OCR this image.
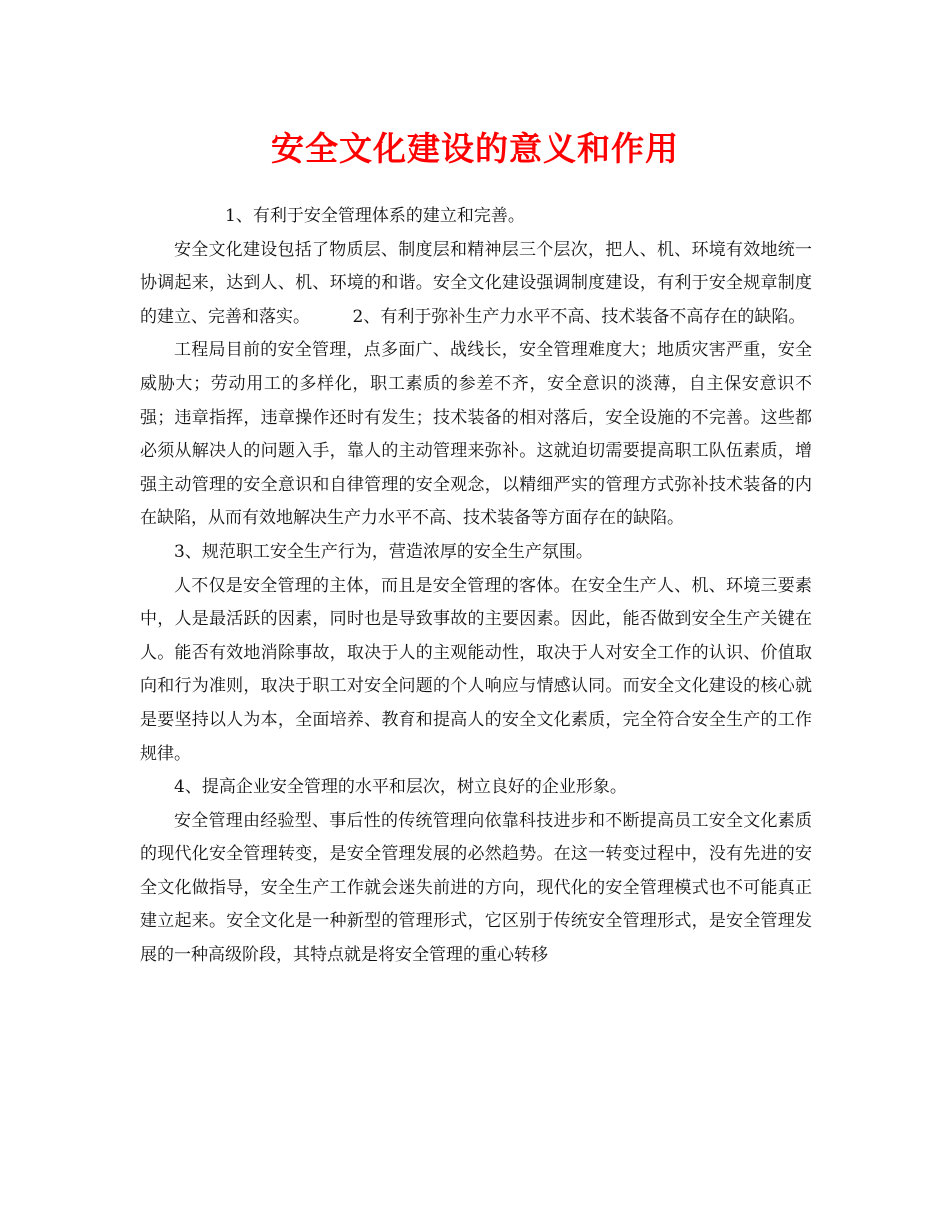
安全文化建设的意义和作用

1、有利于安全管理体系的建立和完善。

安全文化建设包括了物质层、制度层和精神层三个层次，把人、机、环境有效地统一协调起来，达到人、机、环境的和谐。安全文化建设强调制度建设，有利于安全规章制度的建立、完善和落实。　　　2、有利于弥补生产力水平不高、技术装备不高存在的缺陷。

工程局目前的安全管理，点多面广、战线长，安全管理难度大；地质灾害严重，安全威胁大；劳动用工的多样化，职工素质的参差不齐，安全意识的淡薄，自主保安意识不强；违章指挥，违章操作还时有发生；技术装备的相对落后，安全设施的不完善。这些都必须从解决人的问题入手，靠人的主动管理来弥补。这就迫切需要提高职工队伍素质，增强主动管理的安全意识和自律管理的安全观念，以精细严实的管理方式弥补技术装备的内在缺陷，从而有效地解决生产力水平不高、技术装备等方面存在的缺陷。

3、规范职工安全生产行为，营造浓厚的安全生产氛围。

人不仅是安全管理的主体，而且是安全管理的客体。在安全生产人、机、环境三要素中，人是最活跃的因素，同时也是导致事故的主要因素。因此，能否做到安全生产关键在人。能否有效地消除事故，取决于人的主观能动性，取决于人对安全工作的认识、价值取向和行为准则，取决于职工对安全问题的个人响应与情感认同。而安全文化建设的核心就是要坚持以人为本，全面培养、教育和提高人的安全文化素质，完全符合安全生产的工作规律。

4、提高企业安全管理的水平和层次，树立良好的企业形象。

安全管理由经验型、事后性的传统管理向依靠科技进步和不断提高员工安全文化素质的现代化安全管理转变，是安全管理发展的必然趋势。在这一转变过程中，没有先进的安全文化做指导，安全生产工作就会迷失前进的方向，现代化的安全管理模式也不可能真正建立起来。安全文化是一种新型的管理形式，它区别于传统安全管理形式，是安全管理发展的一种高级阶段，其特点就是将安全管理的重心转移
